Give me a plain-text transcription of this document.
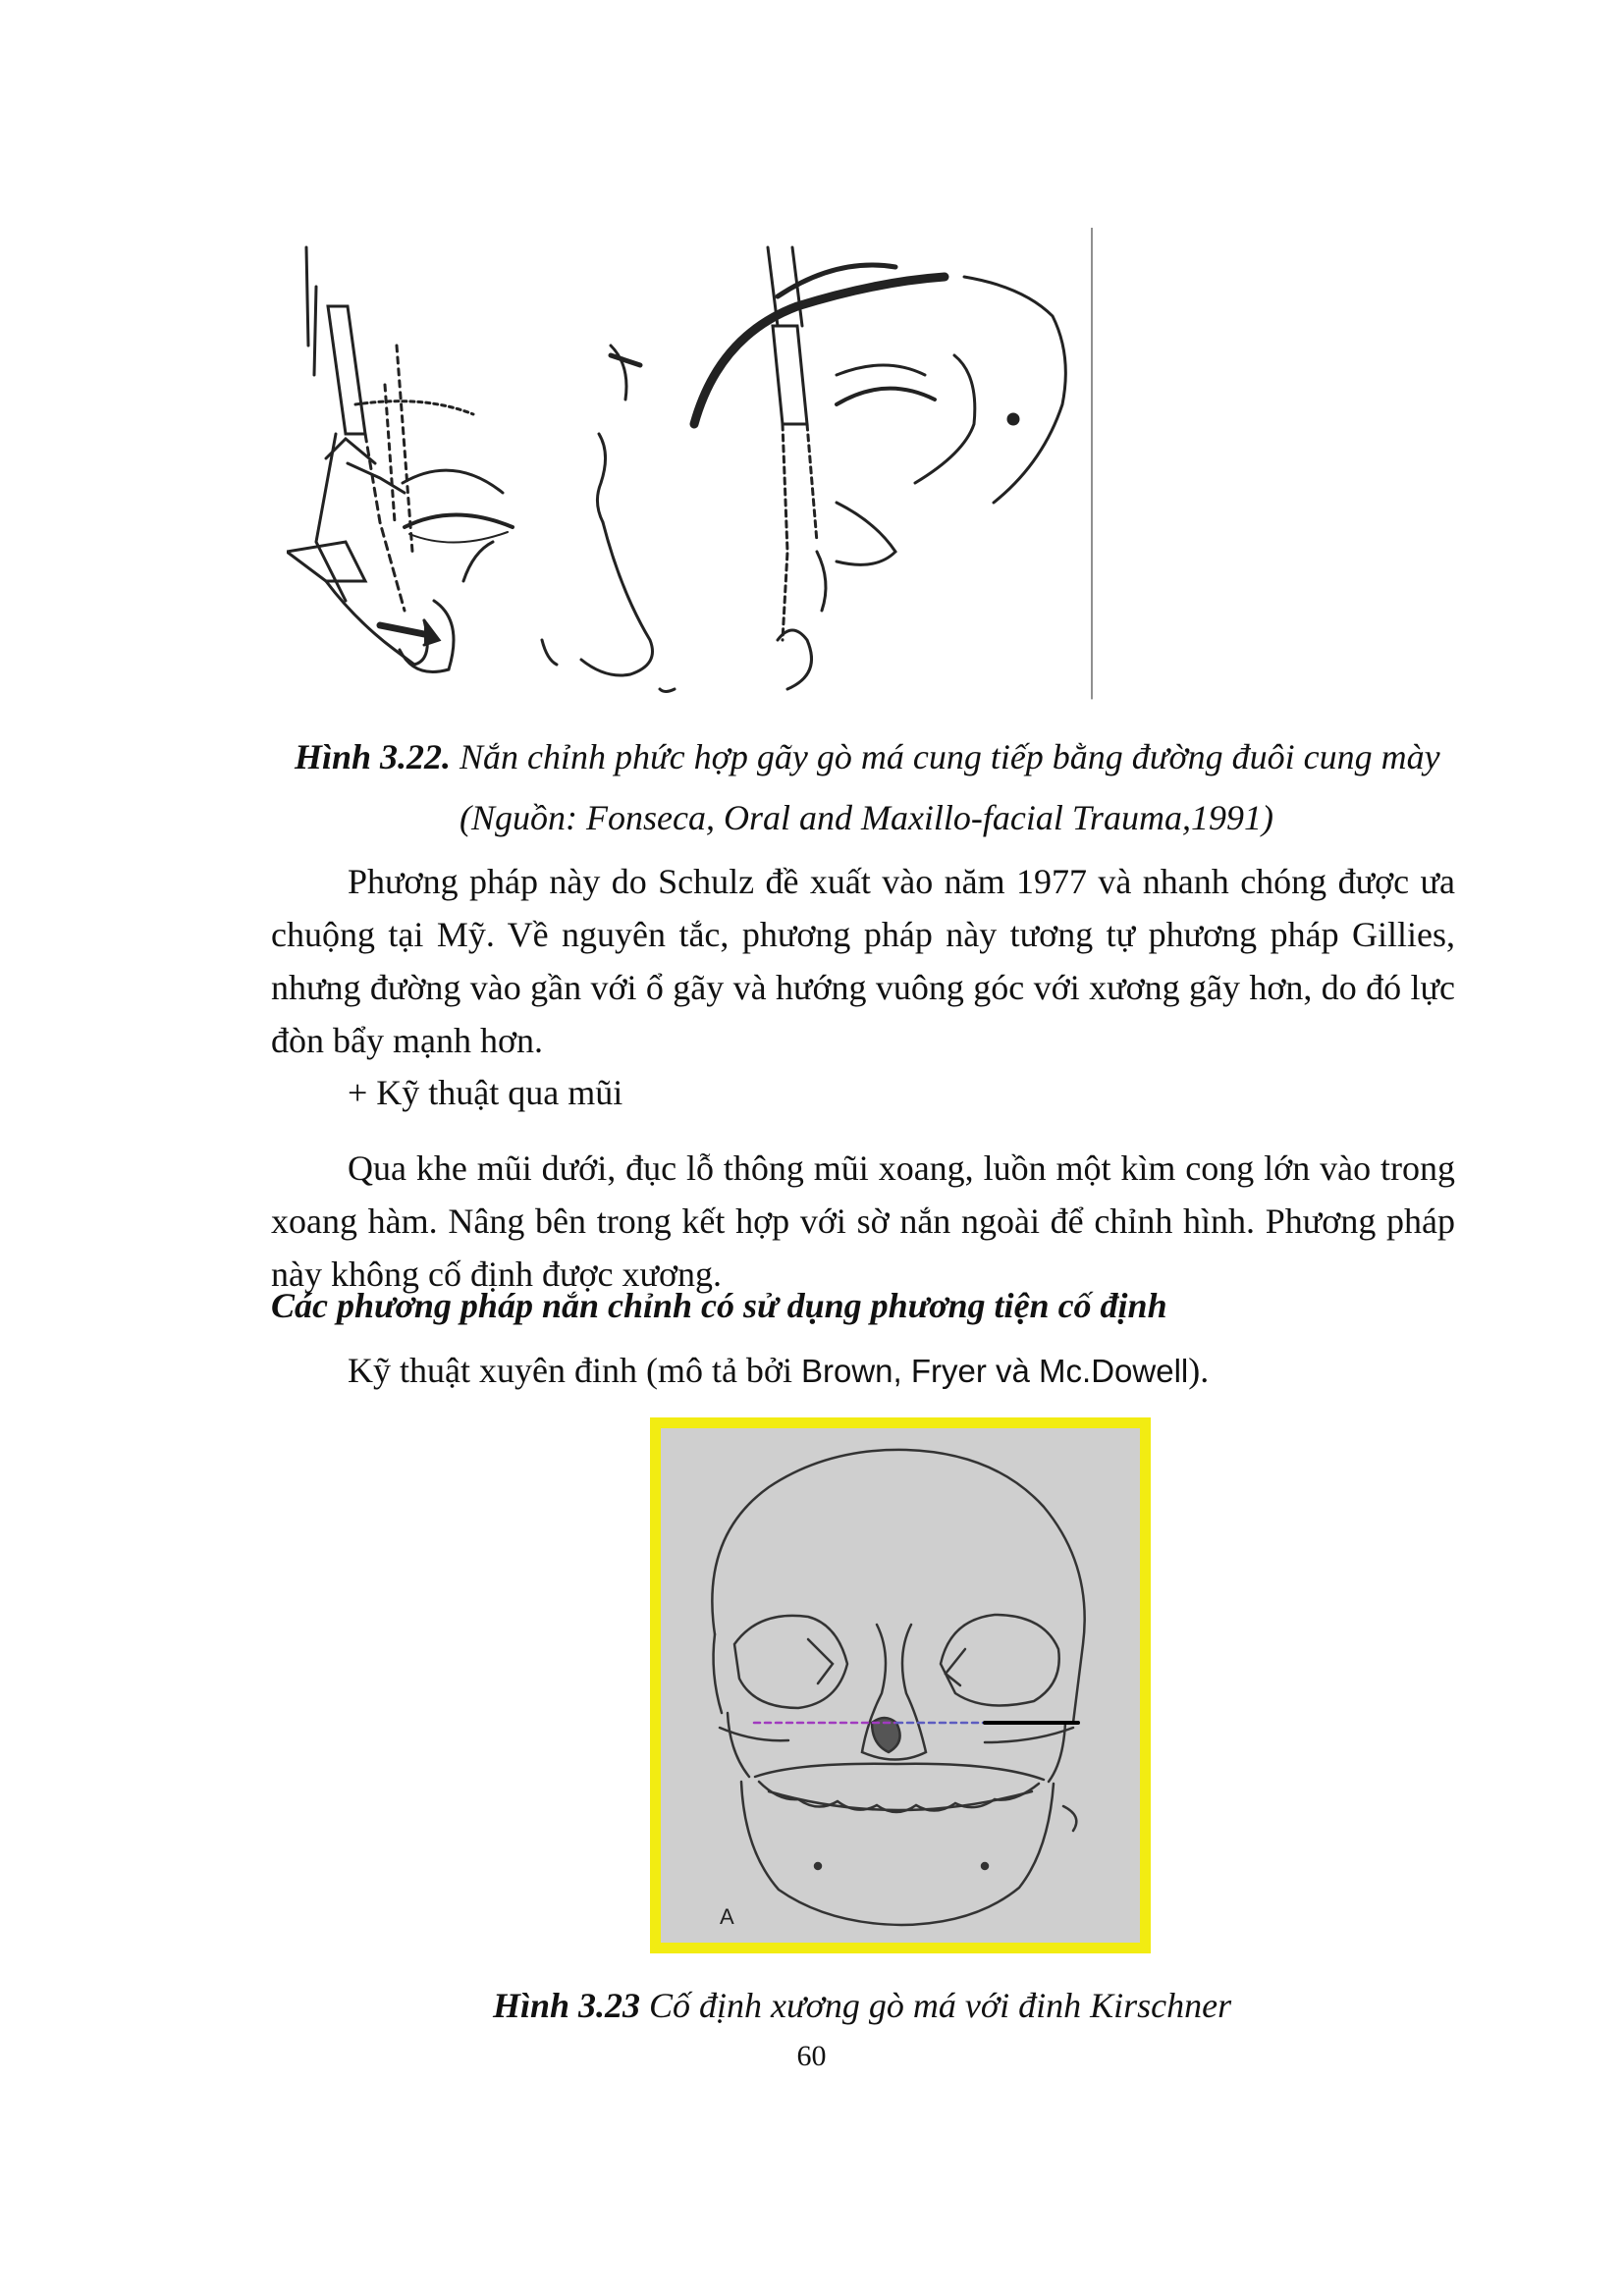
Hình 3.22. Nắn chỉnh phức hợp gãy gò má cung tiếp bằng đường đuôi cung mày
(Nguồn: Fonseca, Oral and Maxillo-facial Trauma,1991)
Phương pháp này do Schulz đề xuất vào năm 1977 và nhanh chóng được ưa
chuộng tại Mỹ. Về nguyên tắc, phương pháp này tương tự phương pháp Gillies,
nhưng đường vào gần với ổ gãy và hướng vuông góc với xương gãy hơn, do đó lực
đòn bẩy mạnh hơn.
+ Kỹ thuật qua mũi
Qua khe mũi dưới, đục lỗ thông mũi xoang, luồn một kìm cong lớn vào trong
xoang hàm. Nâng bên trong kết hợp với sờ nắn ngoài để chỉnh hình. Phương pháp
này không cố định được xương.
Các phương pháp nắn chỉnh có sử dụng phương tiện cố định
Kỹ thuật xuyên đinh (mô tả bởi Brown, Fryer và Mc.Dowell).
A
Hình 3.23 Cố định xương gò má với đinh Kirschner
60
